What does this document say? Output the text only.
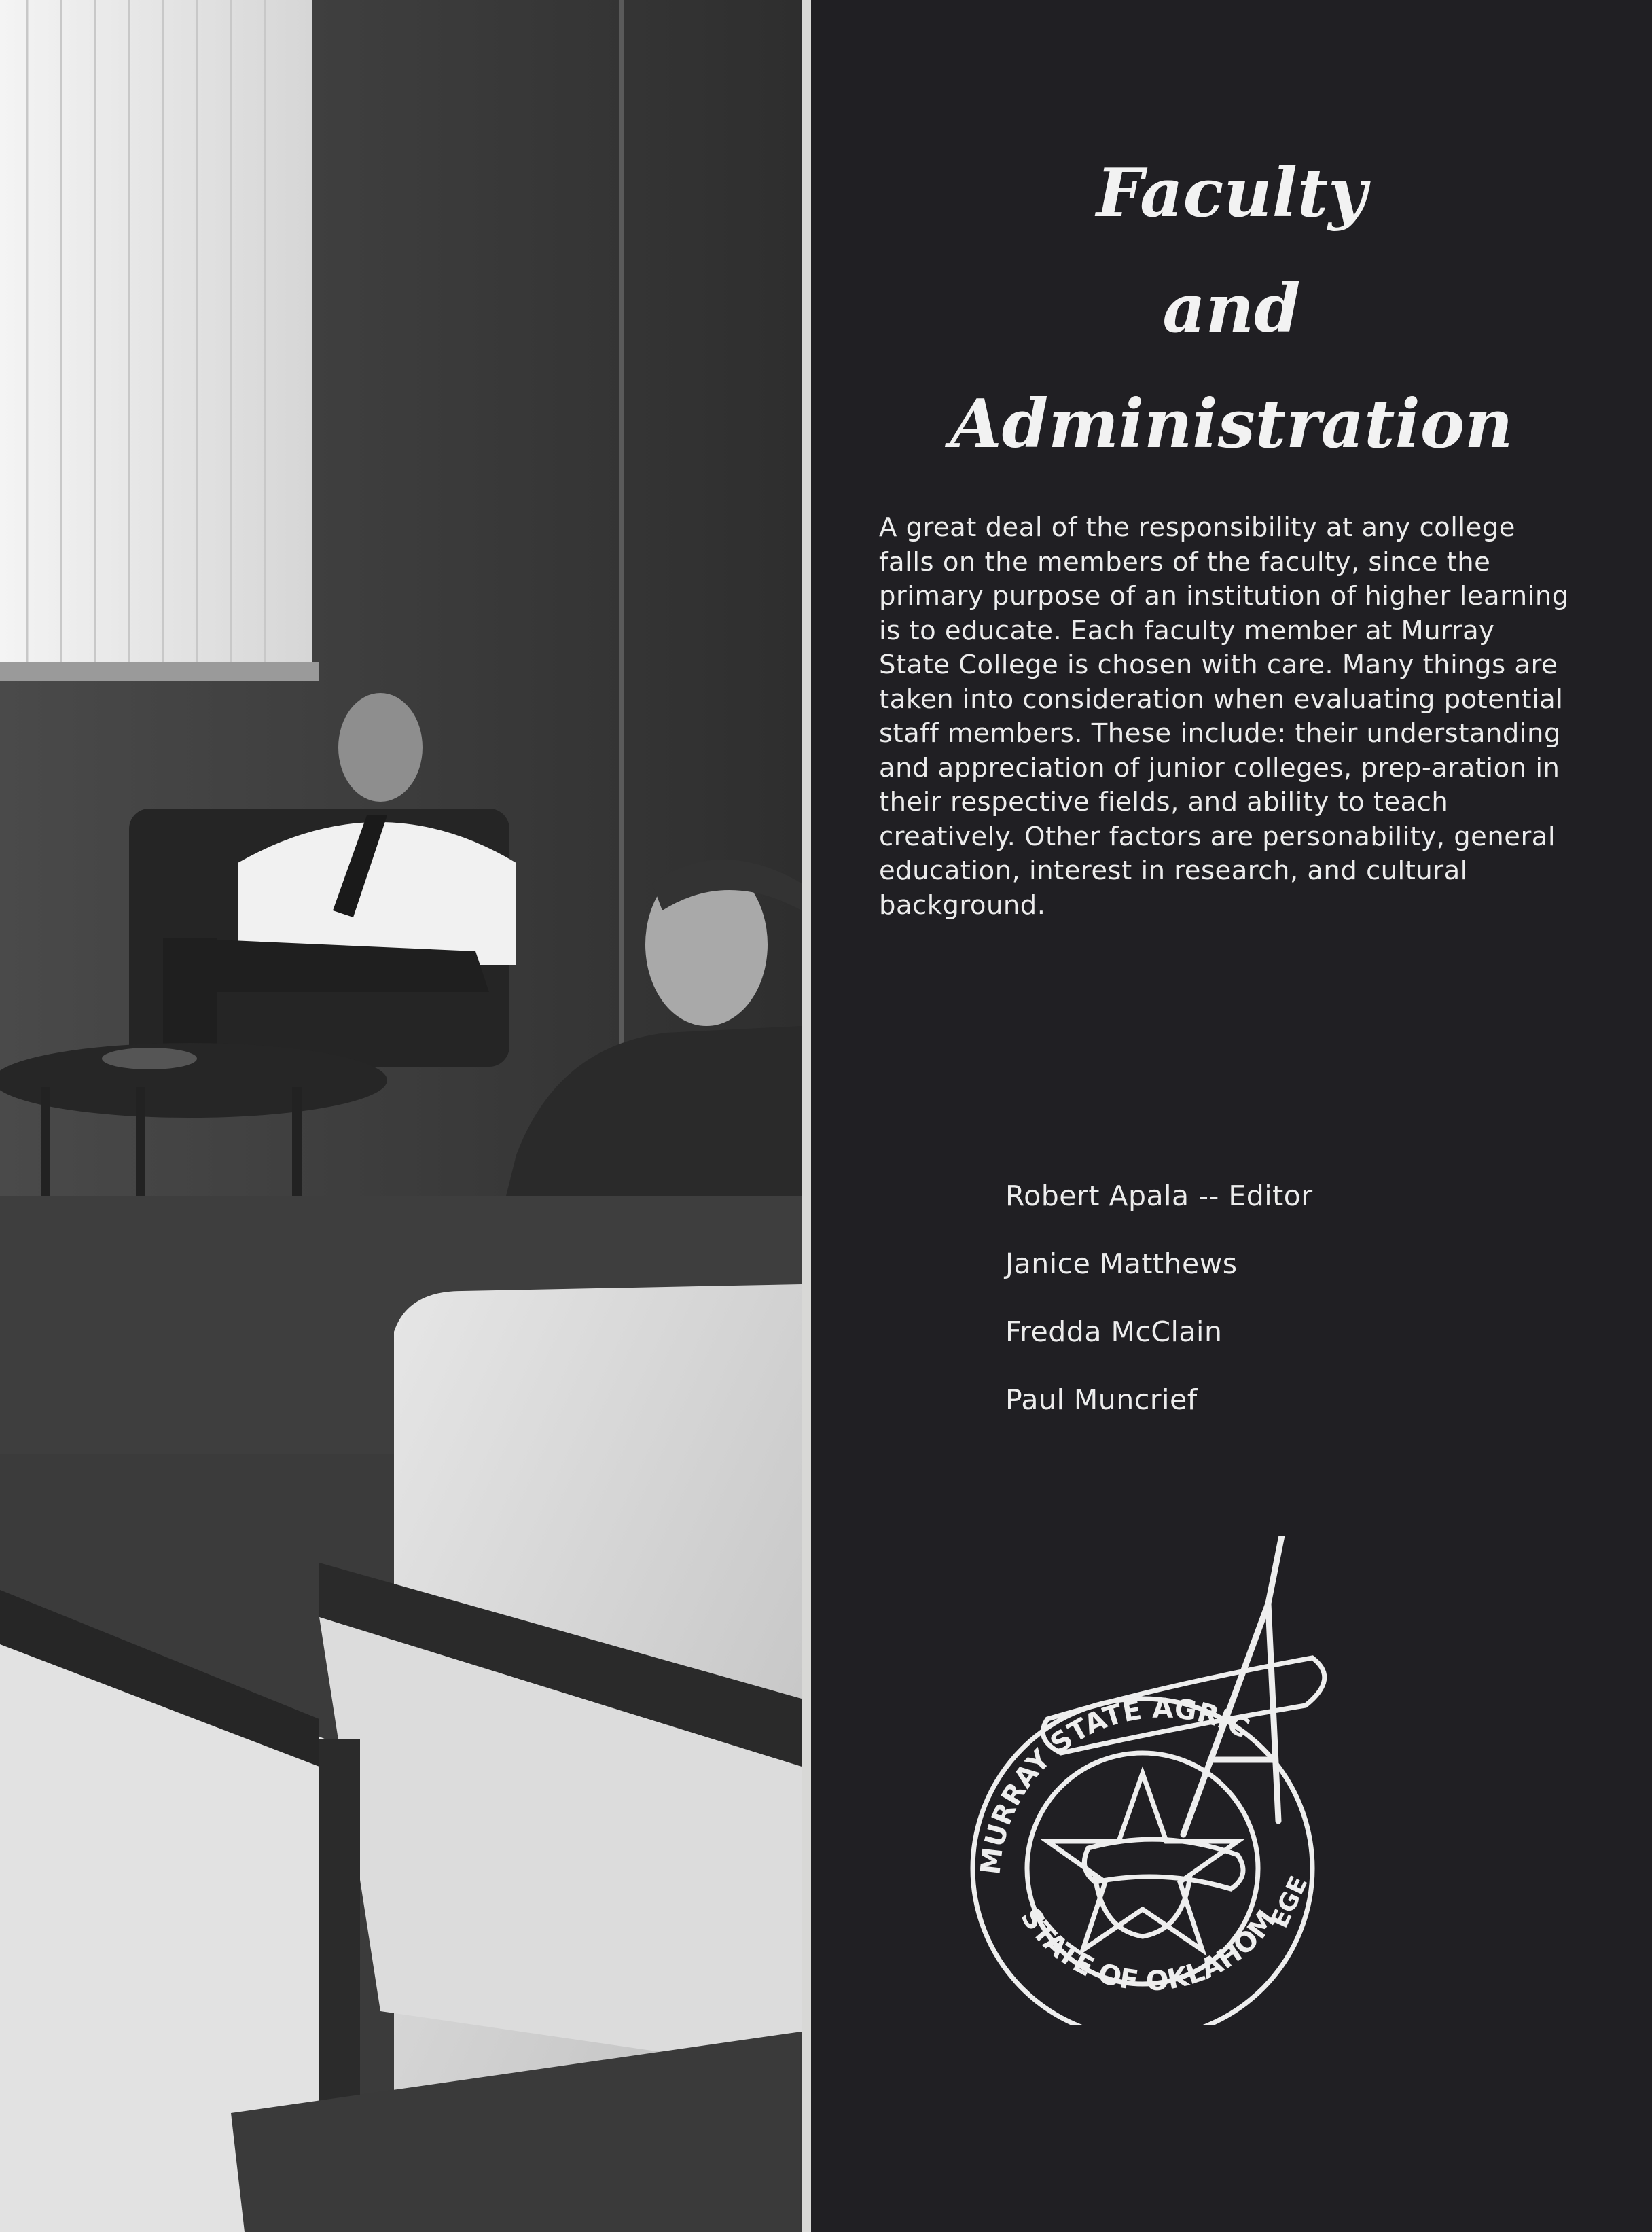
Faculty
and
Administration

A great deal of the responsibility at any college falls on the members of the faculty, since the primary purpose of an institution of higher learning is to educate. Each faculty member at Murray State College is chosen with care. Many things are taken into consideration when evaluating potential staff members. These include: their understanding and appreciation of junior colleges, prep-aration in their respective fields, and ability to teach creatively. Other factors are personability, general education, interest in research, and cultural background.

Robert Apala -- Editor
Janice Matthews
Fredda McClain
Paul Muncrief
MURRAY STATE AGRIC
STATE OF OKLAHOM
EGE
